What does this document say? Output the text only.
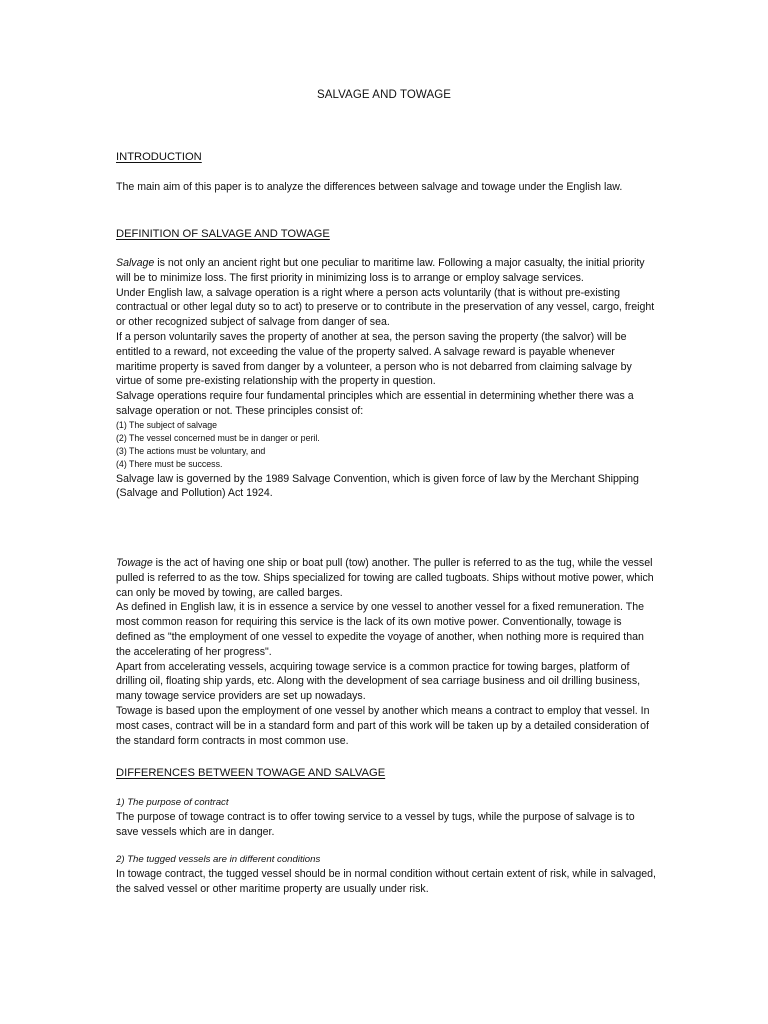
SALVAGE AND TOWAGE

INTRODUCTION

The main aim of this paper is to analyze the differences between salvage and towage under the English law.

DEFINITION OF SALVAGE AND TOWAGE

Salvage is not only an ancient right but one peculiar to maritime law. Following a major casualty, the initial priority will be to minimize loss. The first priority in minimizing loss is to arrange or employ salvage services.

Under English law, a salvage operation is a right where a person acts voluntarily (that is without pre-existing contractual or other legal duty so to act) to preserve or to contribute in the preservation of any vessel, cargo, freight or other recognized subject of salvage from danger of sea.

If a person voluntarily saves the property of another at sea, the person saving the property (the salvor) will be entitled to a reward, not exceeding the value of the property salved. A salvage reward is payable whenever maritime property is saved from danger by a volunteer, a person who is not debarred from claiming salvage by virtue of some pre-existing relationship with the property in question.

Salvage operations require four fundamental principles which are essential in determining whether there was a salvage operation or not. These principles consist of:

(1) The subject of salvage

(2) The vessel concerned must be in danger or peril.

(3) The actions must be voluntary, and

(4) There must be success.

Salvage law is governed by the 1989 Salvage Convention, which is given force of law by the Merchant Shipping (Salvage and Pollution) Act 1924.

Towage is the act of having one ship or boat pull (tow) another. The puller is referred to as the tug, while the vessel pulled is referred to as the tow. Ships specialized for towing are called tugboats. Ships without motive power, which can only be moved by towing, are called barges.

As defined in English law, it is in essence a service by one vessel to another vessel for a fixed remuneration. The most common reason for requiring this service is the lack of its own motive power. Conventionally, towage is defined as "the employment of one vessel to expedite the voyage of another, when nothing more is required than the accelerating of her progress".

Apart from accelerating vessels, acquiring towage service is a common practice for towing barges, platform of drilling oil, floating ship yards, etc. Along with the development of sea carriage business and oil drilling business, many towage service providers are set up nowadays.

Towage is based upon the employment of one vessel by another which means a contract to employ that vessel. In most cases, contract will be in a standard form and part of this work will be taken up by a detailed consideration of the standard form contracts in most common use.

DIFFERENCES BETWEEN TOWAGE AND SALVAGE

1) The purpose of contract

The purpose of towage contract is to offer towing service to a vessel by tugs, while the purpose of salvage is to save vessels which are in danger.

2) The tugged vessels are in different conditions

In towage contract, the tugged vessel should be in normal condition without certain extent of risk, while in salvaged, the salved vessel or other maritime property are usually under risk.
